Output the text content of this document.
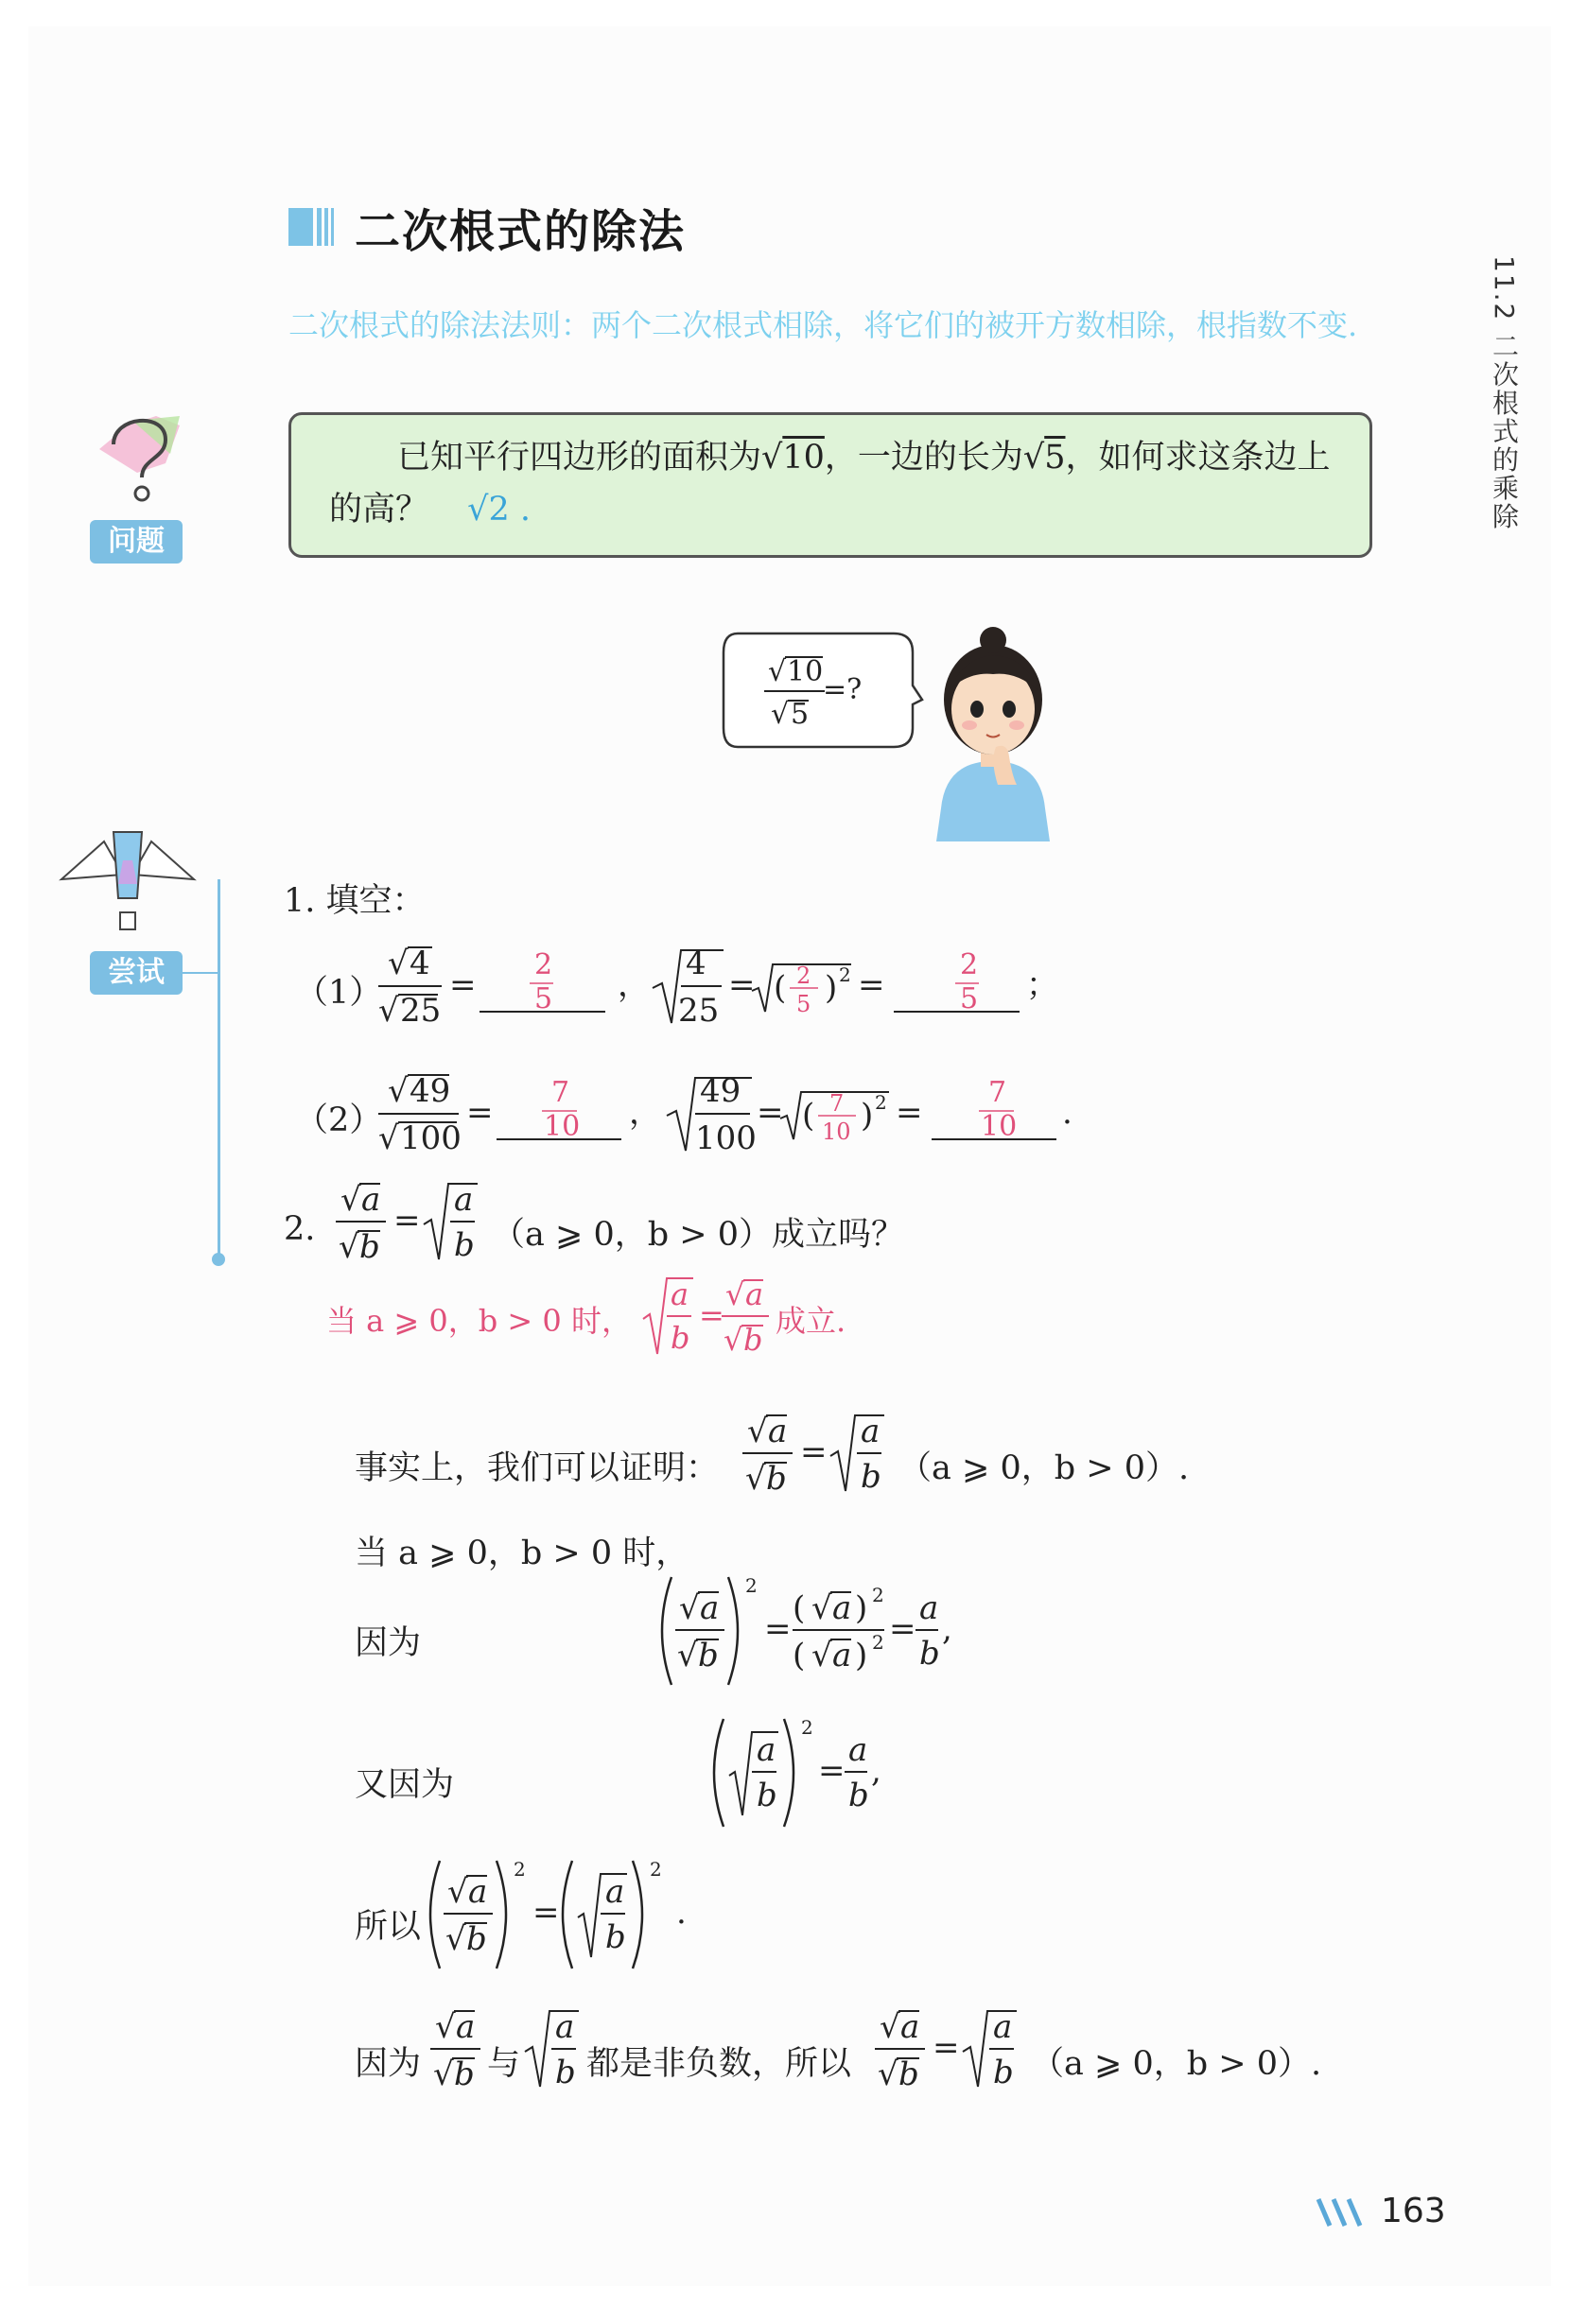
11.2 二次根式的乘除
二次根式的除法
二次根式的除法法则：两个二次根式相除，将它们的被开方数相除，根指数不变.
问题
已知平行四边形的面积为√10，一边的长为√5，如何求这条边上的高？ √2 .
√ 10
√ 5
=?
尝试
1. 填空：
（1）
√ 4
√ 25
=	，
4
25
= ( ) 2 =	；
2
5
2
5
2
5
（2）
√ 49
√ 100
=	，
49
100
= ( ) 2 =	.
7
10
7
10
7
10
2.
√ a
√ b
=
a
b （a ⩾ 0，b > 0）成立吗？
当 a ⩾ 0，b > 0 时，
a
b
=
√ a
√ b
成立.
事实上，我们可以证明：
√ a
√ b
=
a
b （a ⩾ 0，b > 0）.
当 a ⩾ 0，b > 0 时，
因为
√ a
√ b
2
=
( √ a ) 2
( √ a ) 2 =
a
b
,
又因为
a
b
2
=
a
b
,
所以
√ a
√ b
2
=
a
b
2
.
因为
√ a
√ b 与
a
b 都是非负数，所以
√ a
√ b
=
a
b （a ⩾ 0，b > 0）.
163
